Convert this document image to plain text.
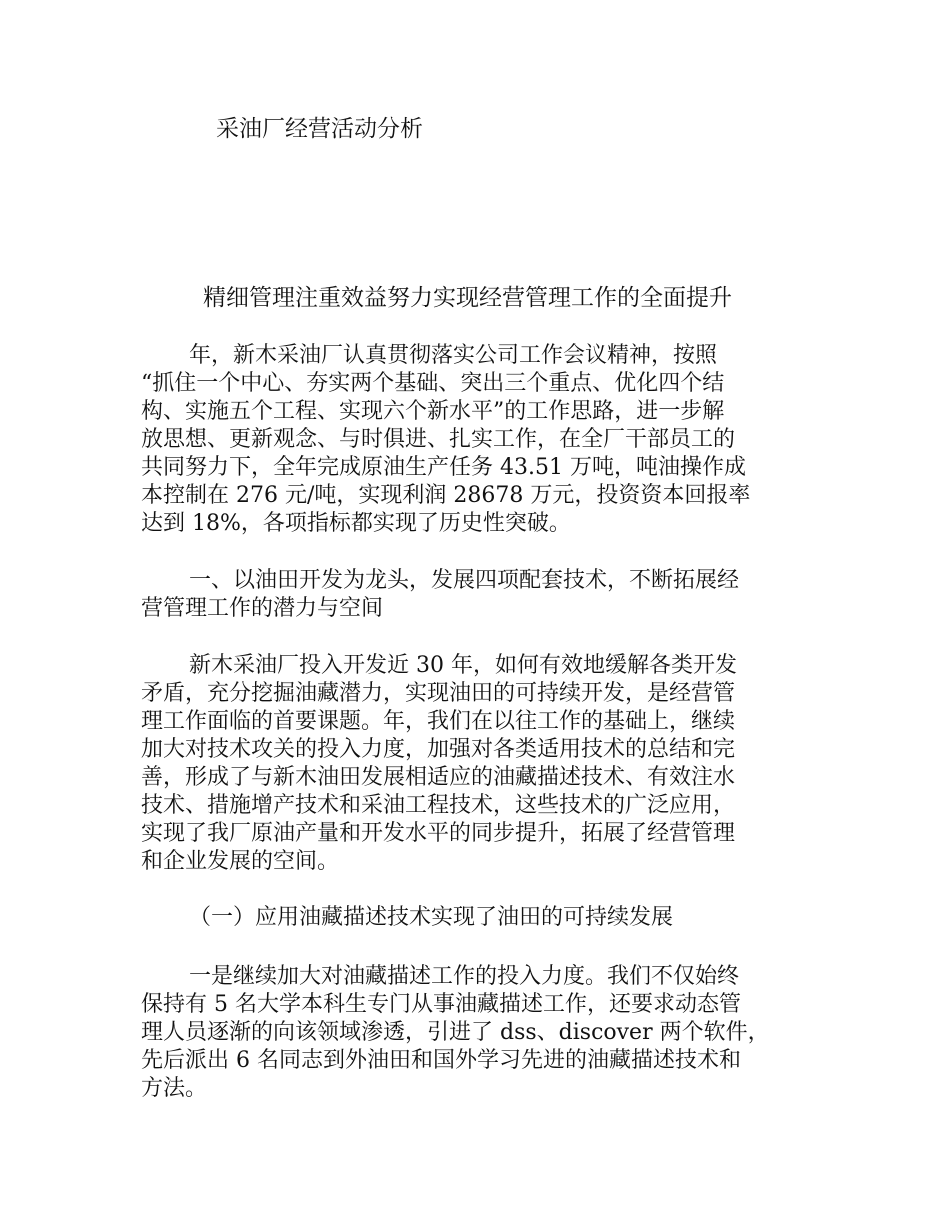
采油厂经营活动分析
精细管理注重效益努力实现经营管理工作的全面提升

年，新木采油厂认真贯彻落实公司工作会议精神，按照
“抓住一个中心、夯实两个基础、突出三个重点、优化四个结
构、实施五个工程、实现六个新水平”的工作思路，进一步解
放思想、更新观念、与时俱进、扎实工作，在全厂干部员工的
共同努力下，全年完成原油生产任务 43.51 万吨，吨油操作成
本控制在 276 元/吨，实现利润 28678 万元，投资资本回报率
达到 18%，各项指标都实现了历史性突破。

一、以油田开发为龙头，发展四项配套技术，不断拓展经
营管理工作的潜力与空间

新木采油厂投入开发近 30 年，如何有效地缓解各类开发
矛盾，充分挖掘油藏潜力，实现油田的可持续开发，是经营管
理工作面临的首要课题。年，我们在以往工作的基础上，继续
加大对技术攻关的投入力度，加强对各类适用技术的总结和完
善，形成了与新木油田发展相适应的油藏描述技术、有效注水
技术、措施增产技术和采油工程技术，这些技术的广泛应用，
实现了我厂原油产量和开发水平的同步提升，拓展了经营管理
和企业发展的空间。

（一）应用油藏描述技术实现了油田的可持续发展

一是继续加大对油藏描述工作的投入力度。我们不仅始终
保持有 5 名大学本科生专门从事油藏描述工作，还要求动态管
理人员逐渐的向该领域渗透，引进了 dss、discover 两个软件，
先后派出 6 名同志到外油田和国外学习先进的油藏描述技术和
方法。
